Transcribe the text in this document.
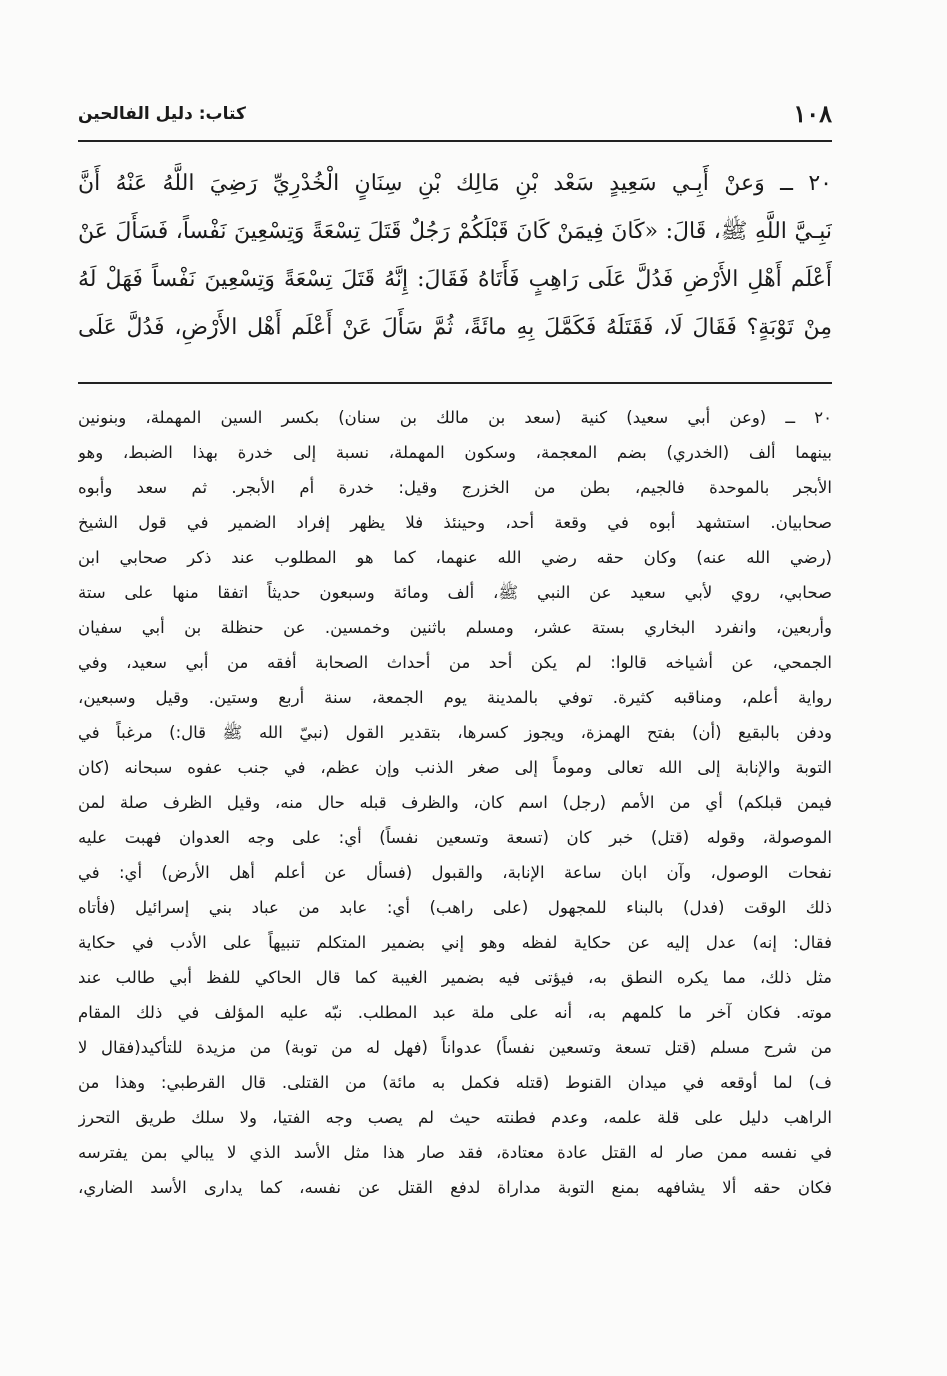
١٠٨
كتاب: دليل الفالحين
٢٠ ــ وَعنْ أَبِـي سَعِيدٍ سَعْد بْنِ مَالِك بْنِ سِنَانٍ الْخُدْرِيِّ رَضِيَ اللَّهُ عَنْهُ أَنَّ
نَبِـيَّ اللَّهِ ﷺ، قَالَ: «كَانَ فِيمَنْ كَانَ قَبْلَكُمْ رَجُلٌ قَتَلَ تِسْعَةً وَتِسْعِينَ نَفْساً، فَسَأَلَ عَنْ
أَعْلَم أَهْلِ الأَرْضِ فَدُلَّ عَلَى رَاهِبٍ فَأَتَاهُ فَقَالَ: إِنَّهُ قَتَلَ تِسْعَةً وَتِسْعِينَ نَفْساً فَهَلْ لَهُ
مِنْ تَوْبَةٍ؟ فَقَالَ لَا، فَقَتَلَهُ فَكَمَّلَ بِهِ مائَةً، ثُمَّ سَأَلَ عَنْ أَعْلَم أَهْل الأَرْضِ، فَدُلَّ عَلَى
٢٠ ــ (وعن أبي سعيد) كنية (سعد بن مالك بن سنان) بكسر السين المهملة، وبنونين
بينهما ألف (الخدري) بضم المعجمة، وسكون المهملة، نسبة إلى خدرة بهذا الضبط، وهو
الأبجر بالموحدة فالجيم، بطن من الخزرج وقيل: خدرة أم الأبجر. ثم سعد وأبوه
صحابيان. استشهد أبوه في وقعة أحد، وحينئذ فلا يظهر إفراد الضمير في قول الشيخ
(رضي الله عنه) وكان حقه رضي الله عنهما، كما هو المطلوب عند ذكر صحابي ابن
صحابي، روي لأبي سعيد عن النبي ﷺ، ألف ومائة وسبعون حديثاً اتفقا منها على ستة
وأربعين، وانفرد البخاري بستة عشر، ومسلم باثنين وخمسين. عن حنظلة بن أبي سفيان
الجمحي، عن أشياخه قالوا: لم يكن أحد من أحداث الصحابة أفقه من أبي سعيد، وفي
رواية أعلم، ومناقبه كثيرة. توفي بالمدينة يوم الجمعة، سنة أربع وستين. وقيل وسبعين،
ودفن بالبقيع (أن) بفتح الهمزة، ويجوز كسرها، بتقدير القول (نبيّ الله ﷺ قال:) مرغباً في
التوبة والإنابة إلى الله تعالى وموماً إلى صغر الذنب وإن عظم، في جنب عفوه سبحانه (كان
فيمن قبلكم) أي من الأمم (رجل) اسم كان، والظرف قبله حال منه، وقيل الظرف صلة لمن
الموصولة، وقوله (قتل) خبر كان (تسعة وتسعين نفساً) أي: على وجه العدوان فهبت عليه
نفحات الوصول، وآن ابان ساعة الإنابة، والقبول (فسأل عن أعلم أهل الأرض) أي: في
ذلك الوقت (فدل) بالبناء للمجهول (على راهب) أي: عابد من عباد بني إسرائيل (فأتاه
فقال: إنه) عدل إليه عن حكاية لفظه وهو إني بضمير المتكلم تنبيهاً على الأدب في حكاية
مثل ذلك، مما يكره النطق به، فيؤتى فيه بضمير الغيبة كما قال الحاكي للفظ أبي طالب عند
موته. فكان آخر ما كلمهم به، أنه على ملة عبد المطلب. نبّه عليه المؤلف في ذلك المقام
من شرح مسلم (قتل تسعة وتسعين نفساً) عدواناً (فهل له من توبة) من مزيدة للتأكيد(فقال لا
ف) لما أوقعه في ميدان القنوط (قتله فكمل به مائة) من القتلى. قال القرطبي: وهذا من
الراهب دليل على قلة علمه، وعدم فطنته حيث لم يصب وجه الفتيا، ولا سلك طريق التحرز
في نفسه ممن صار له القتل عادة معتادة، فقد صار هذا مثل الأسد الذي لا يبالي بمن يفترسه
فكان حقه ألا يشافهه بمنع التوبة مداراة لدفع القتل عن نفسه، كما يدارى الأسد الضاري،
